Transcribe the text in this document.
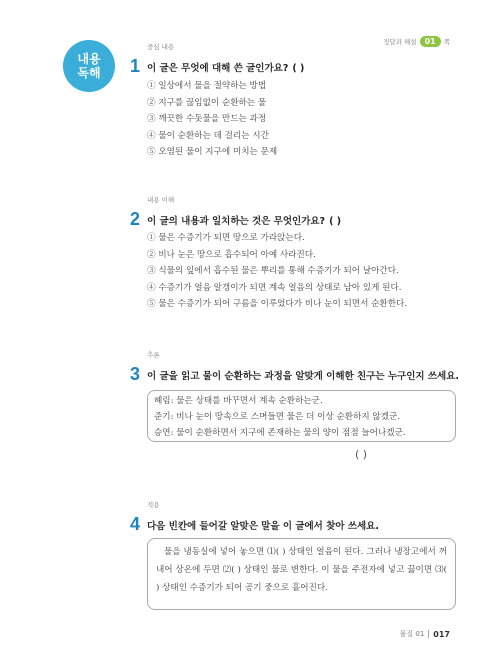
내용
독해
정답과 해설	01	쪽
중심 내용
1 이 글은 무엇에 대해 쓴 글인가요? ( )
① 일상에서 물을 절약하는 방법
② 지구를 끊임없이 순환하는 물
③ 깨끗한 수돗물을 만드는 과정
④ 물이 순환하는 데 걸리는 시간
⑤ 오염된 물이 지구에 미치는 문제
내용 이해
2 이 글의 내용과 일치하는 것은 무엇인가요? ( )
① 물은 수증기가 되면 땅으로 가라앉는다.
② 비나 눈은 땅으로 흡수되어 아예 사라진다.
③ 식물의 잎에서 흡수된 물은 뿌리를 통해 수증기가 되어 날아간다.
④ 수증기가 얼음 알갱이가 되면 계속 얼음의 상태로 남아 있게 된다.
⑤ 물은 수증기가 되어 구름을 이루었다가 비나 눈이 되면서 순환한다.
추론
3 이 글을 읽고 물이 순환하는 과정을 알맞게 이해한 친구는 누구인지 쓰세요.
혜림: 물은 상태를 바꾸면서 계속 순환하는군.
준기: 비나 눈이 땅속으로 스며들면 물은 더 이상 순환하지 않겠군.
승연: 물이 순환하면서 지구에 존재하는 물의 양이 점점 늘어나겠군.
( )
적용
4 다음 빈칸에 들어갈 알맞은 말을 이 글에서 찾아 쓰세요.
물을 냉동실에 넣어 놓으면 ⑴( ) 상태인 얼음이 된다. 그러나 냉장고에서 꺼내어 상온에 두면 ⑵( ) 상태인 물로 변한다. 이 물을 주전자에 넣고 끓이면 ⑶( ) 상태인 수증기가 되어 공기 중으로 흩어진다.
물질 01 017
